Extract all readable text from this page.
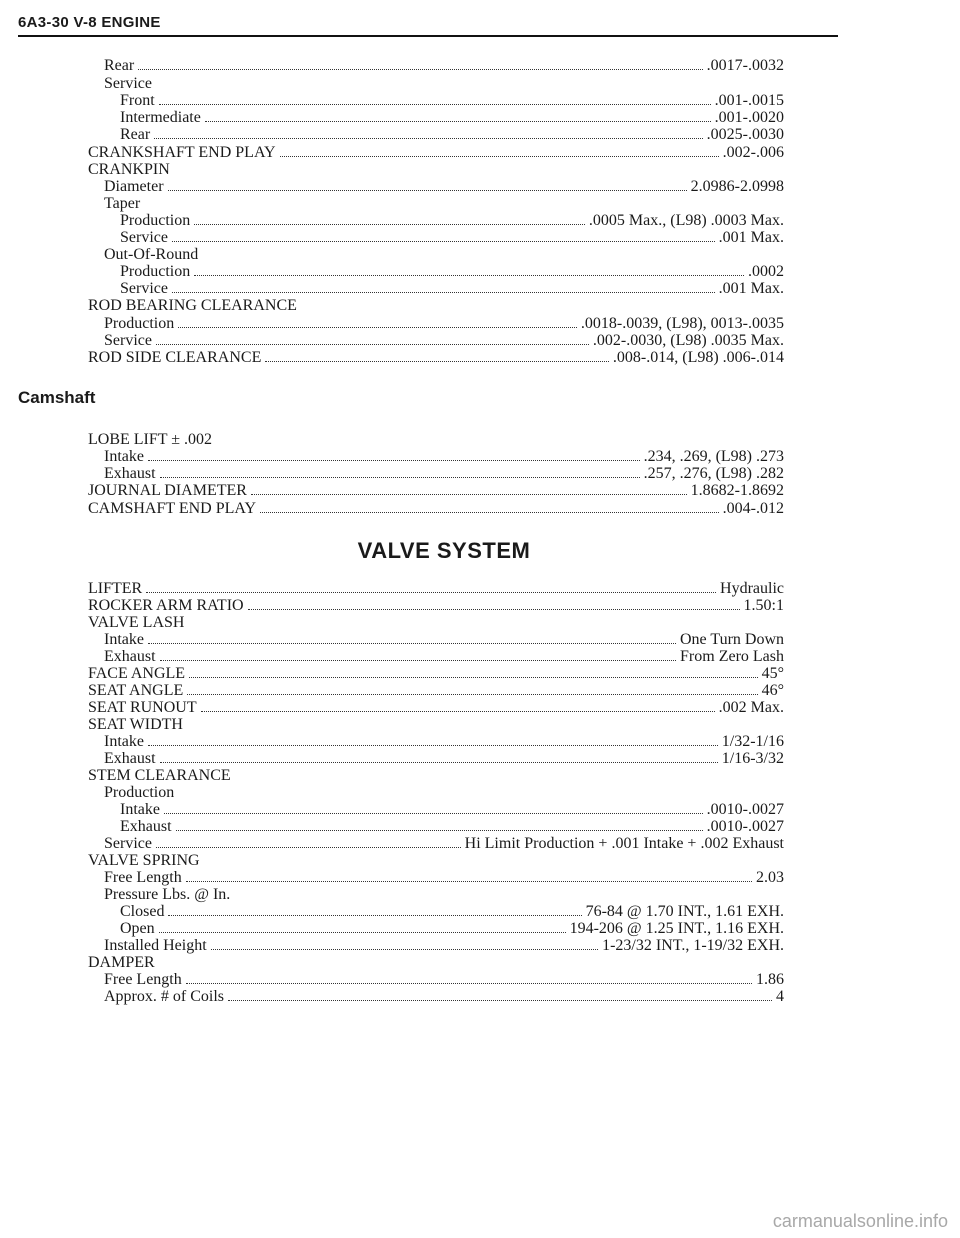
6A3-30 V-8 ENGINE
Rear	.0017-.0032
Service
Front	.001-.0015
Intermediate	.001-.0020
Rear	.0025-.0030
CRANKSHAFT END PLAY	.002-.006
CRANKPIN
Diameter	2.0986-2.0998
Taper
Production	.0005 Max., (L98) .0003 Max.
Service	.001 Max.
Out-Of-Round
Production	.0002
Service	.001 Max.
ROD BEARING CLEARANCE
Production	.0018-.0039, (L98), 0013-.0035
Service	.002-.0030, (L98) .0035 Max.
ROD SIDE CLEARANCE	.008-.014, (L98) .006-.014
Camshaft
LOBE LIFT ± .002
Intake	.234, .269, (L98) .273
Exhaust	.257, .276, (L98) .282
JOURNAL DIAMETER	1.8682-1.8692
CAMSHAFT END PLAY	.004-.012
VALVE SYSTEM
LIFTER	Hydraulic
ROCKER ARM RATIO	1.50:1
VALVE LASH
Intake	One Turn Down
Exhaust	From Zero Lash
FACE ANGLE	45°
SEAT ANGLE	46°
SEAT RUNOUT	.002 Max.
SEAT WIDTH
Intake	1/32-1/16
Exhaust	1/16-3/32
STEM CLEARANCE
Production
Intake	.0010-.0027
Exhaust	.0010-.0027
Service	Hi Limit Production + .001 Intake + .002 Exhaust
VALVE SPRING
Free Length	2.03
Pressure Lbs. @ In.
Closed	76-84 @ 1.70 INT., 1.61 EXH.
Open	194-206 @ 1.25 INT., 1.16 EXH.
Installed Height	1-23/32 INT., 1-19/32 EXH.
DAMPER
Free Length	1.86
Approx. # of Coils	4
carmanualsonline.info
